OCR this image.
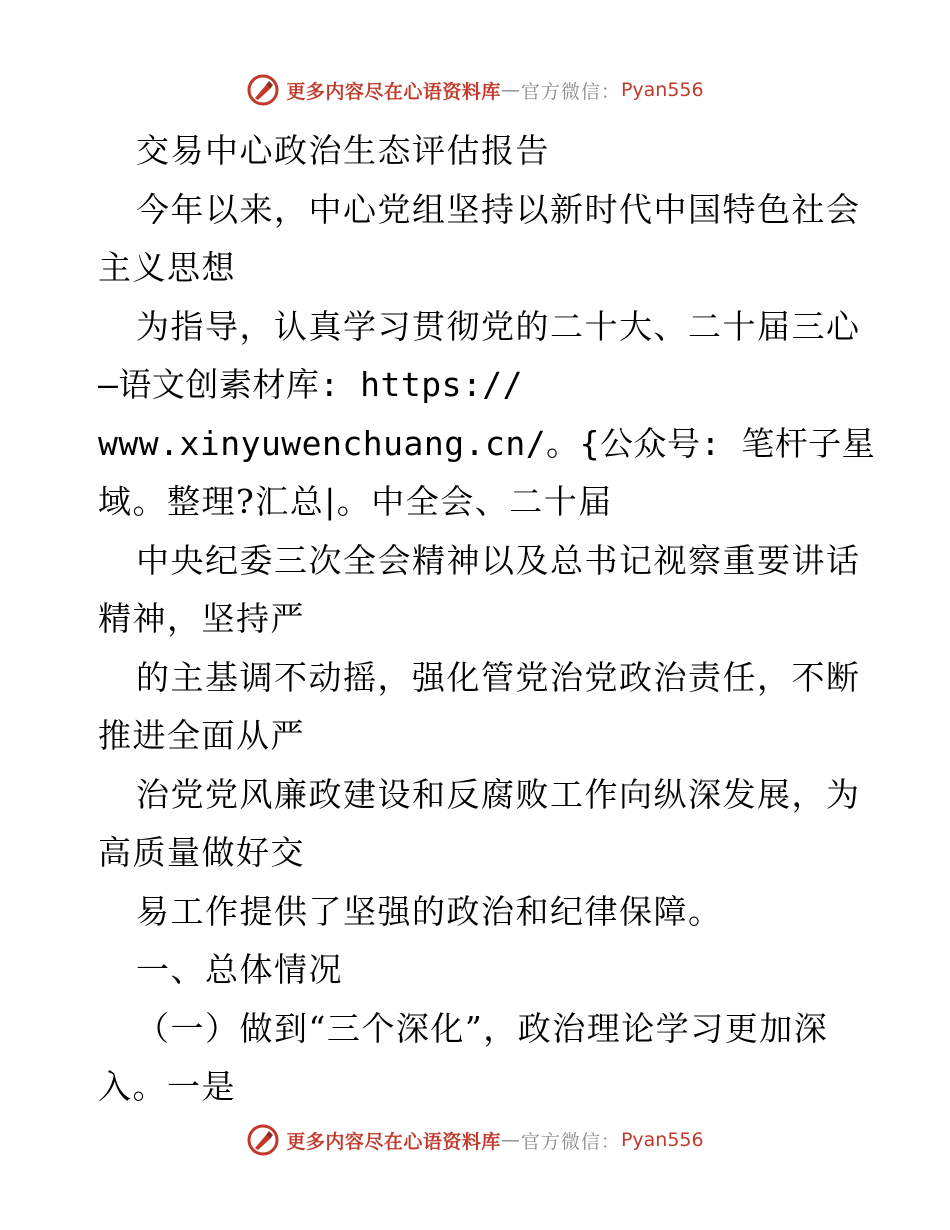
更多内容尽在心语资料库 — 官方微信： Pyan556
交易中心政治生态评估报告
今年以来，中心党组坚持以新时代中国特色社会
主义思想
为指导，认真学习贯彻党的二十大、二十届三心
—语文创素材库: https://
www.xinyuwenchuang.cn/。{公众号: 笔杆子星
域。整理?汇总|。中全会、二十届
中央纪委三次全会精神以及总书记视察重要讲话
精神，坚持严
的主基调不动摇，强化管党治党政治责任，不断
推进全面从严
治党党风廉政建设和反腐败工作向纵深发展，为
高质量做好交
易工作提供了坚强的政治和纪律保障。
一、总体情况
（一）做到“三个深化”，政治理论学习更加深
入。一是
更多内容尽在心语资料库 — 官方微信： Pyan556
